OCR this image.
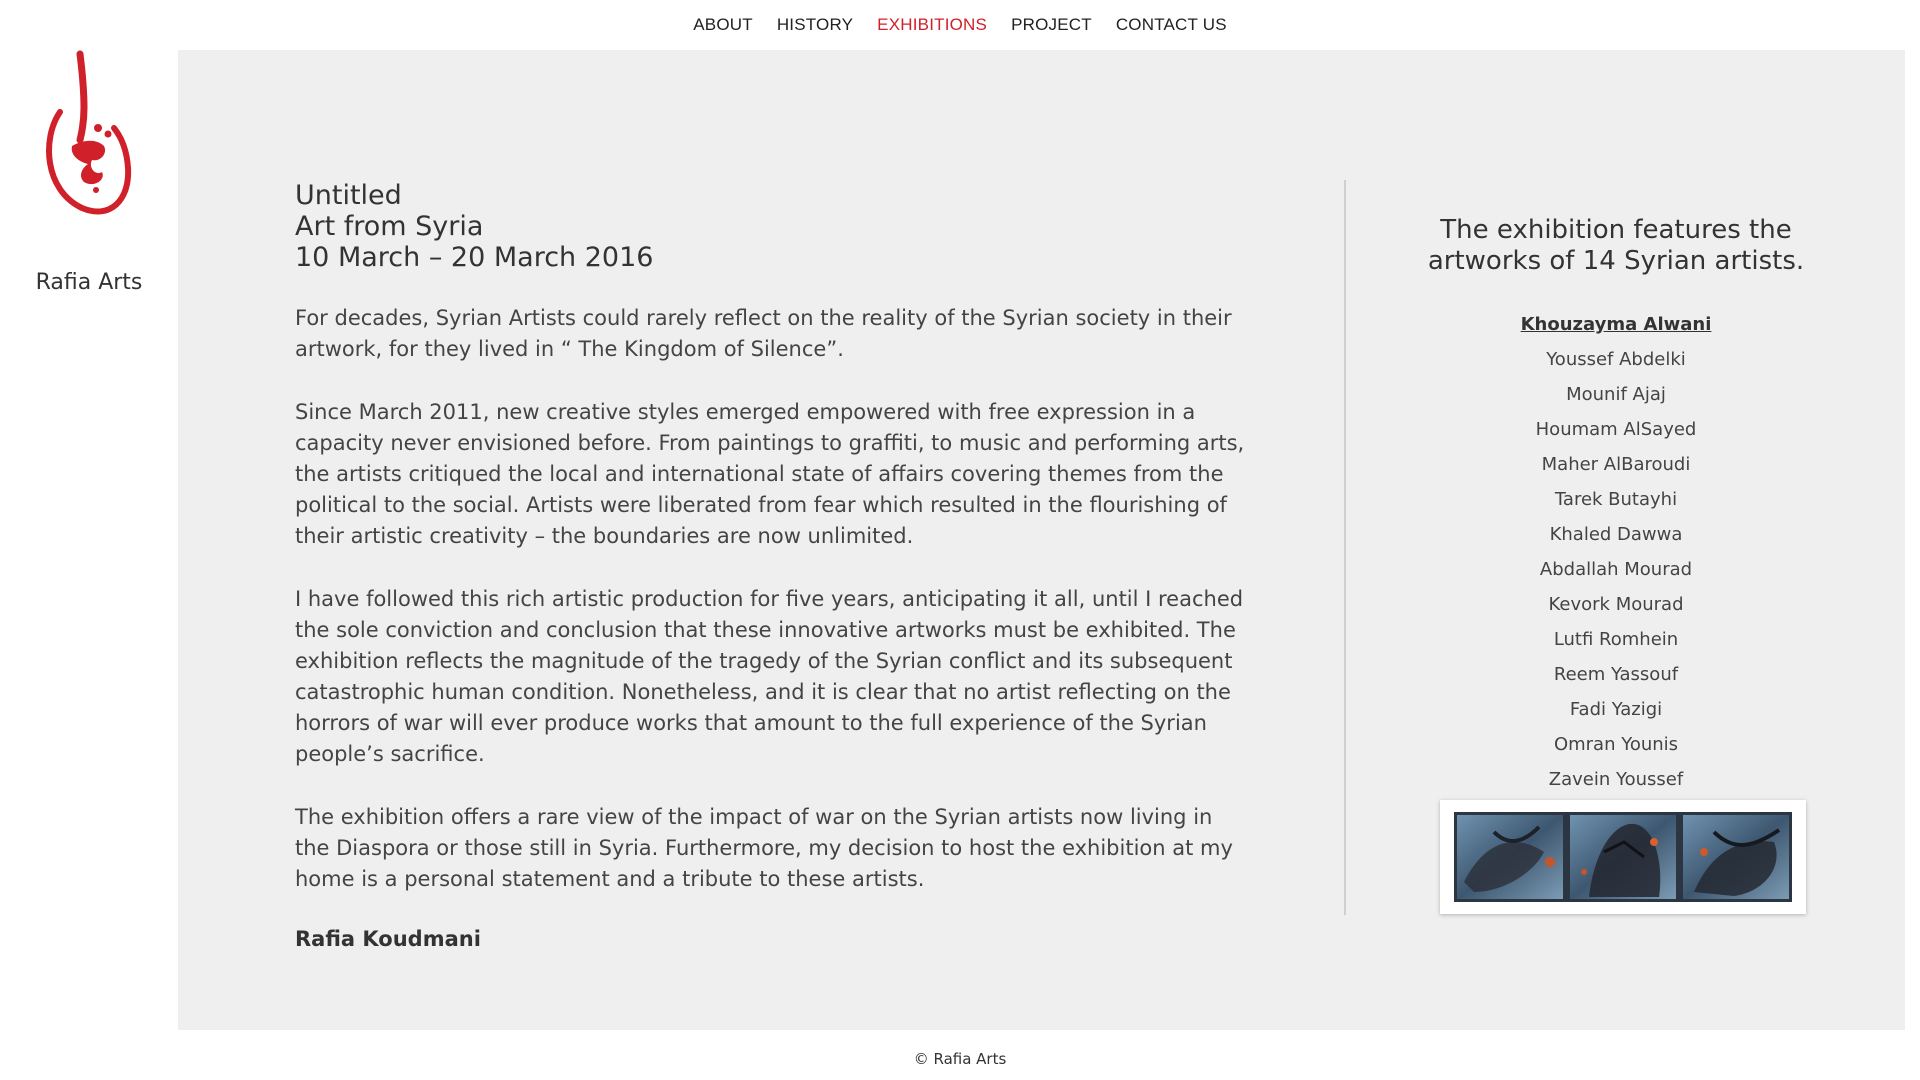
ABOUT HISTORY EXHIBITIONS PROJECT CONTACT US
Rafia Arts
Untitled
Art from Syria
10 March – 20 March 2016

For decades, Syrian Artists could rarely reflect on the reality of the Syrian society in their artwork, for they lived in “ The Kingdom of Silence”.

Since March 2011, new creative styles emerged empowered with free expression in a capacity never envisioned before. From paintings to graffiti, to music and performing arts, the artists critiqued the local and international state of affairs covering themes from the political to the social. Artists were liberated from fear which resulted in the flourishing of their artistic creativity – the boundaries are now unlimited.

I have followed this rich artistic production for five years, anticipating it all, until I reached the sole conviction and conclusion that these innovative artworks must be exhibited. The exhibition reflects the magnitude of the tragedy of the Syrian conflict and its subsequent catastrophic human condition. Nonetheless, and it is clear that no artist reflecting on the horrors of war will ever produce works that amount to the full experience of the Syrian people’s sacrifice.

The exhibition offers a rare view of the impact of war on the Syrian artists now living in the Diaspora or those still in Syria. Furthermore, my decision to host the exhibition at my home is a personal statement and a tribute to these artists.

Rafia Koudmani
The exhibition features the
artworks of 14 Syrian artists.
Khouzayma Alwani
Youssef Abdelki
Mounif Ajaj
Houmam AlSayed
Maher AlBaroudi
Tarek Butayhi
Khaled Dawwa
Abdallah Mourad
Kevork Mourad
Lutfi Romhein
Reem Yassouf
Fadi Yazigi
Omran Younis
Zavein Youssef
© Rafia Arts
